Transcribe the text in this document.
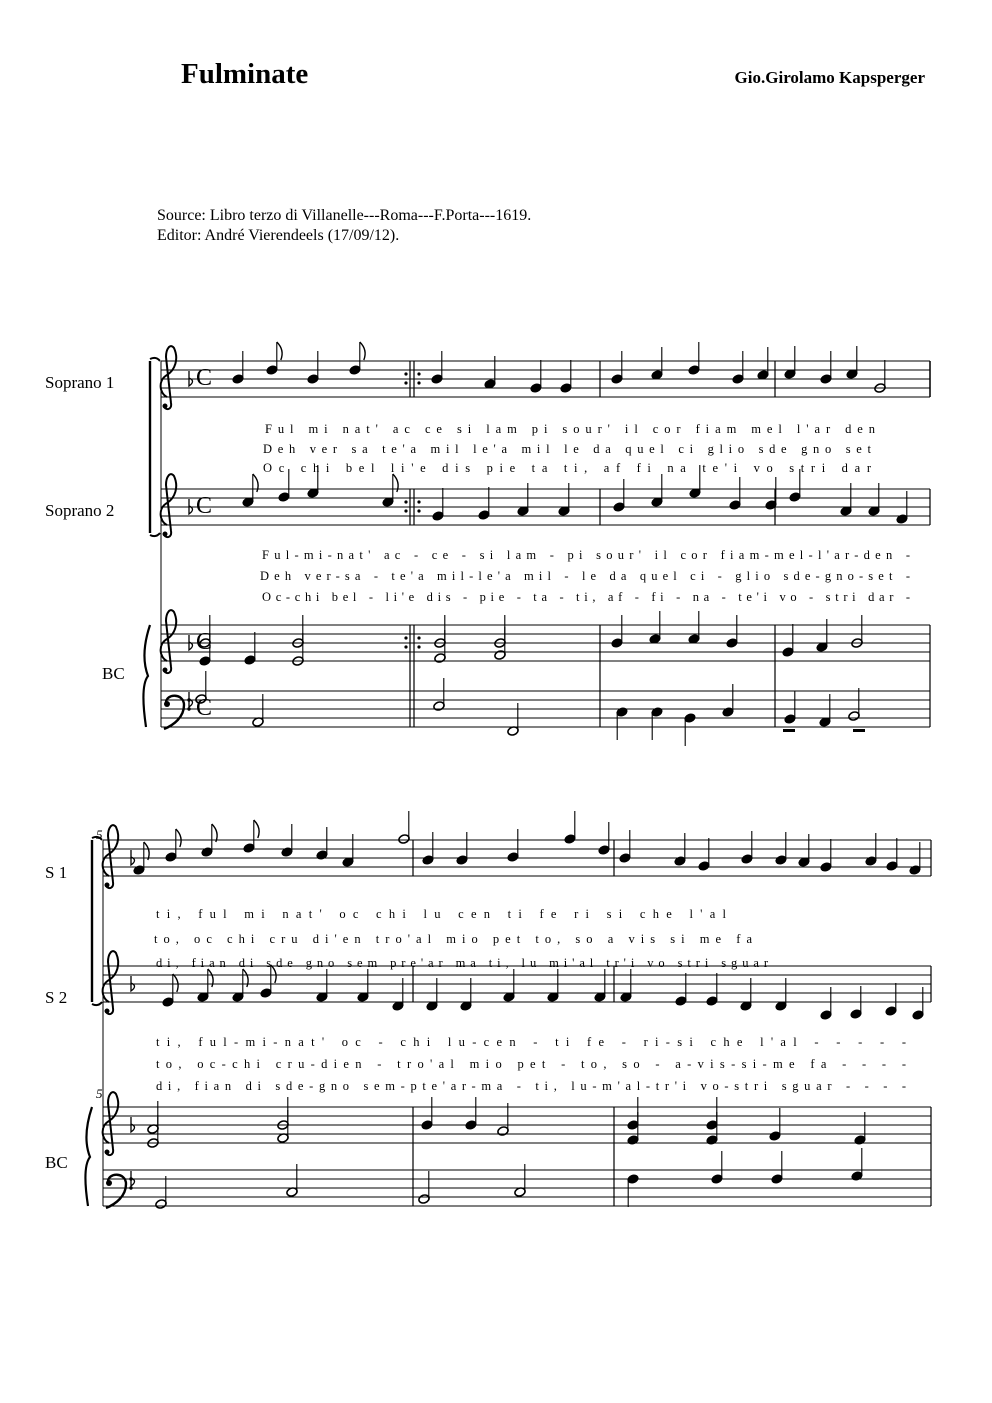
Fulminate	Gio.Girolamo Kapsperger
Source: Libro terzo di Villanelle---Roma---F.Porta---1619.
Editor: André Vierendeels (17/09/12).
Soprano 1
Soprano 2
BC
S 1
S 2
BC
5
5
C
C
C
C
Ful mi nat' ac ce si lam pi sour' il cor fiam mel l'ar den
Deh ver sa te'a mil le'a mil le da quel ci glio sde gno set
Oc chi bel li'e dis pie ta ti, af fi na te'i vo stri dar
Ful-mi-nat' ac - ce - si lam - pi sour' il cor fiam-mel-l'ar-den -
Deh ver-sa - te'a mil-le'a mil - le da quel ci - glio sde-gno-set -
Oc-chi bel - li'e dis - pie - ta - ti, af - fi - na - te'i vo - stri dar -
ti, ful mi nat' oc chi lu cen ti fe ri si che l'al
to, oc chi cru di'en tro'al mio pet to, so a vis si me fa
di, fian di sde gno sem pre'ar ma ti, lu mi'al tr'i vo stri sguar
ti, ful-mi-nat' oc - chi lu-cen - ti fe - ri-si che l'al - - - - -
to, oc-chi cru-dien - tro'al mio pet - to, so - a-vis-si-me fa - - - -
di, fian di sde-gno sem-pte'ar-ma - ti, lu-m'al-tr'i vo-stri sguar - - - -
